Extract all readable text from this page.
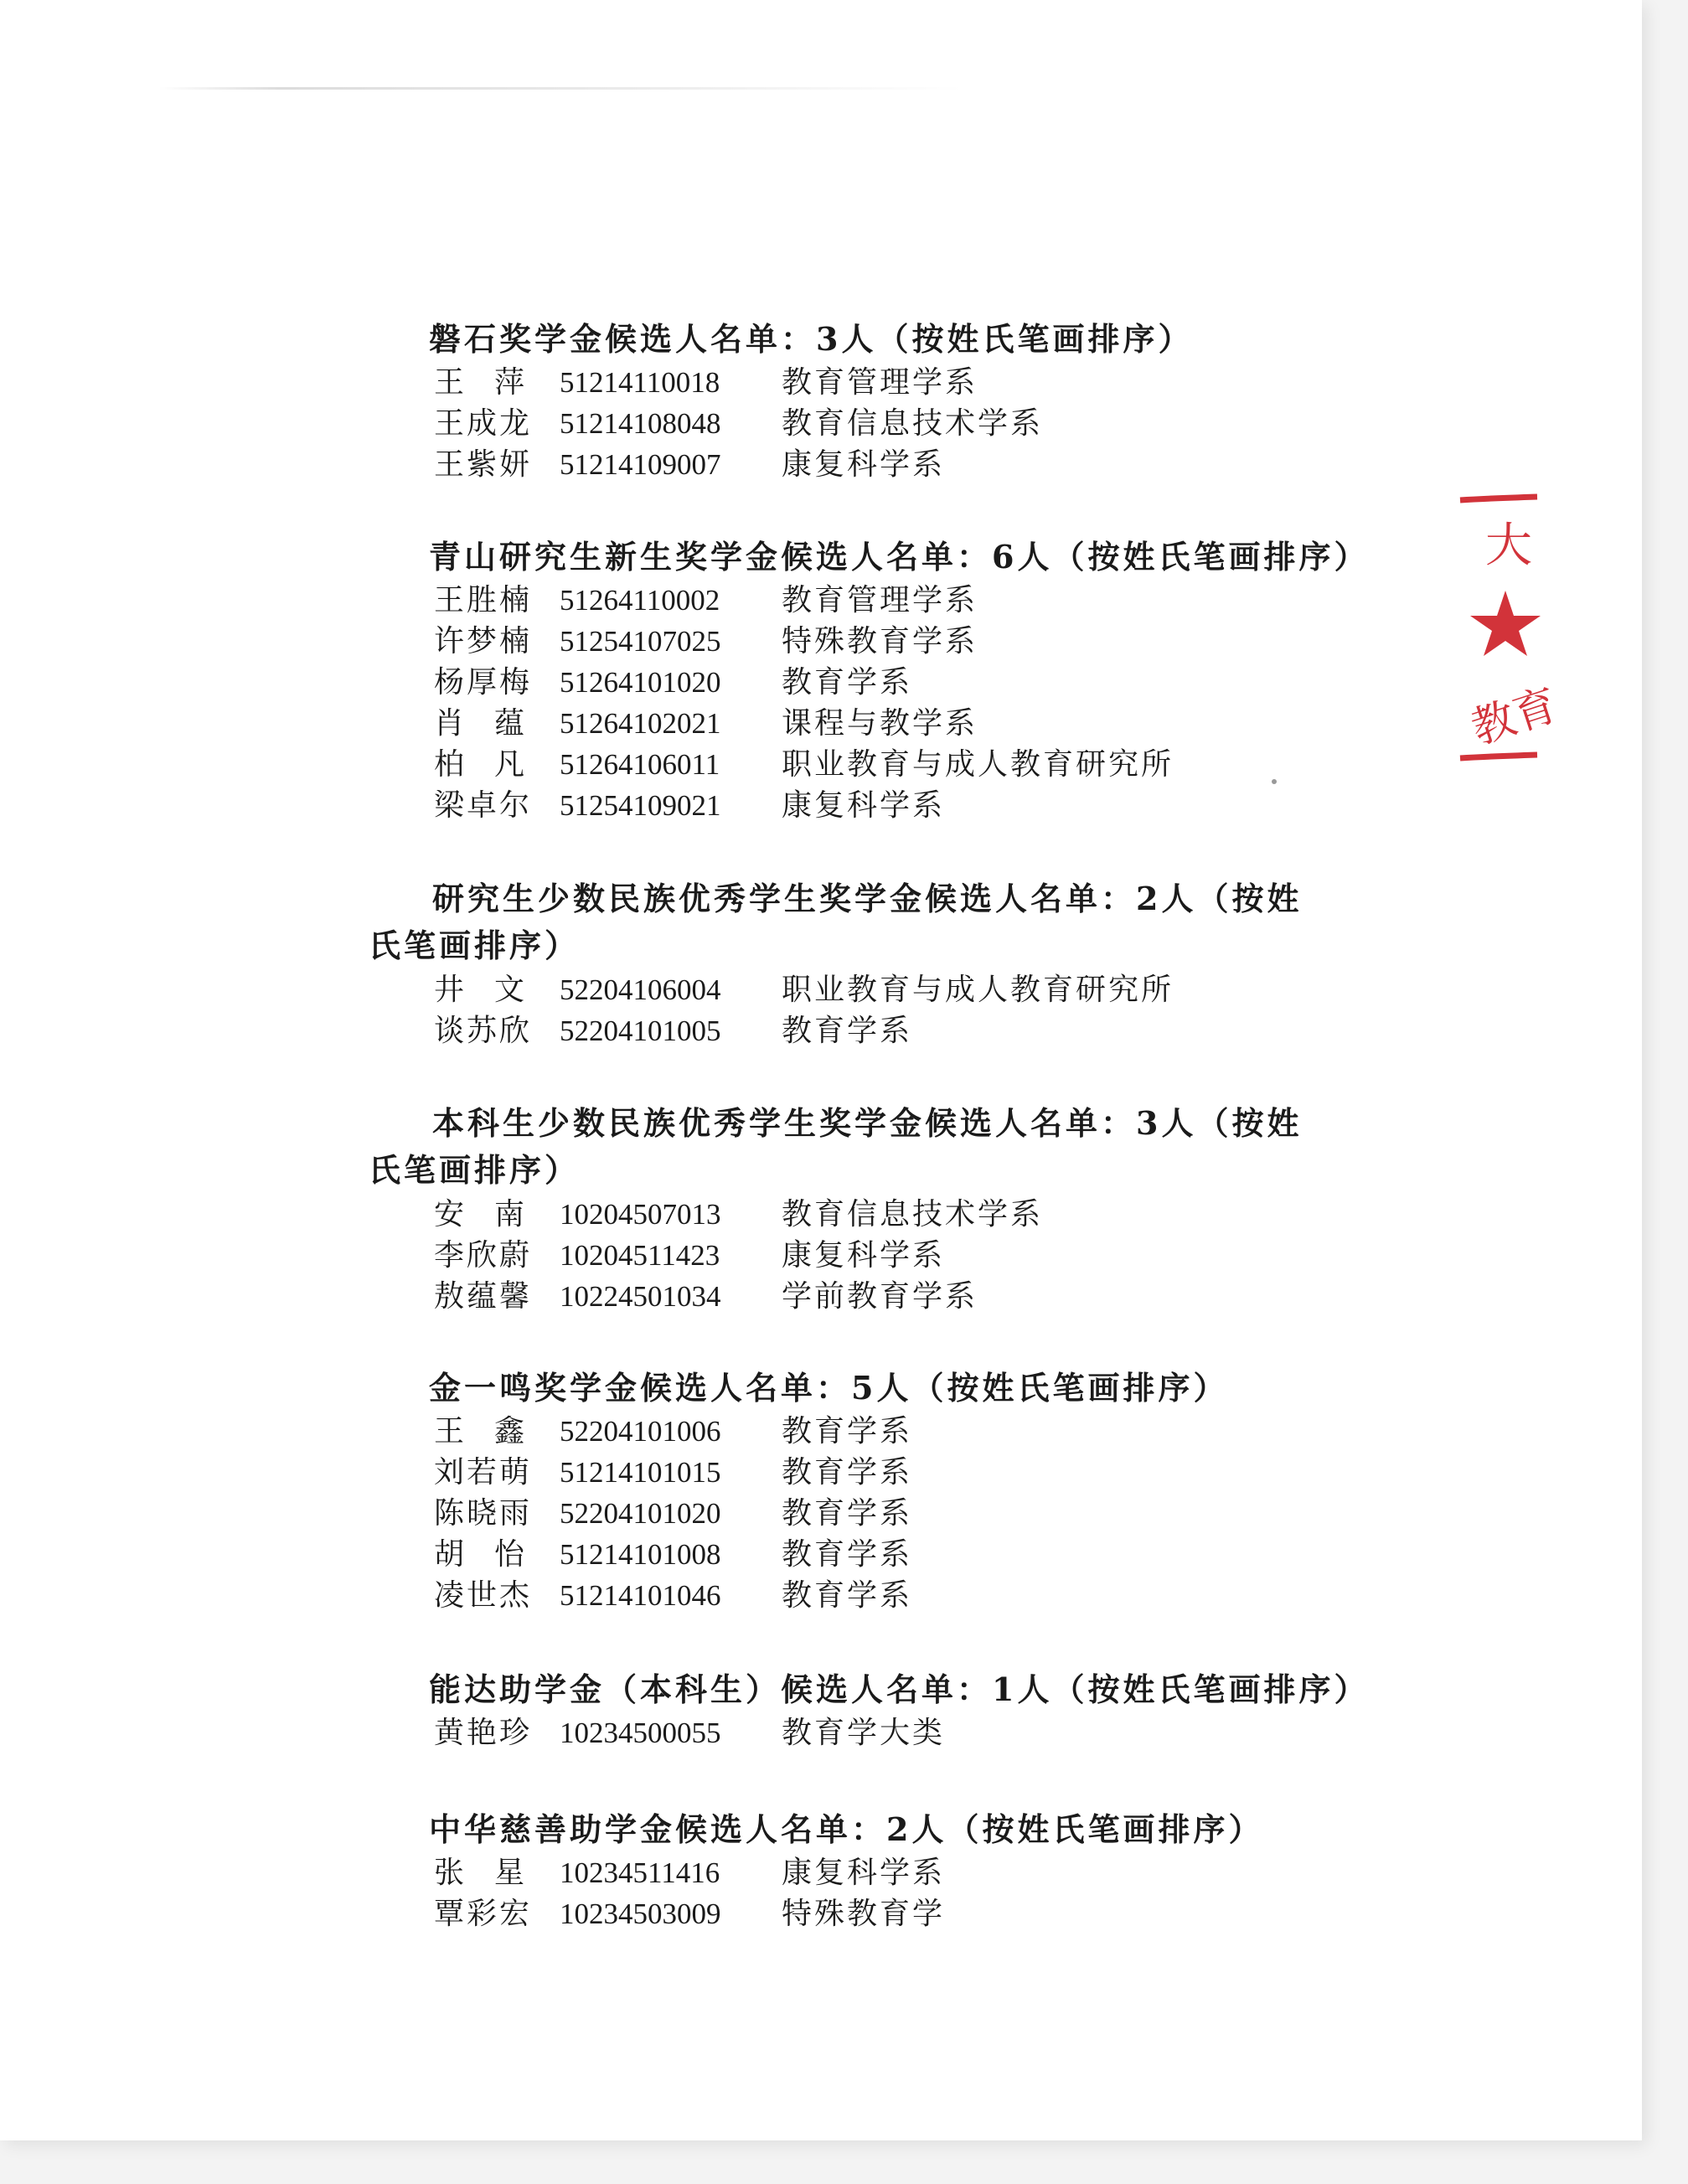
磐石奖学金候选人名单：3人（按姓氏笔画排序）
王 萍 51214110018 教育管理学系
王成龙 51214108048 教育信息技术学系
王紫妍 51214109007 康复科学系
青山研究生新生奖学金候选人名单：6人（按姓氏笔画排序）
王胜楠 51264110002 教育管理学系
许梦楠 51254107025 特殊教育学系
杨厚梅 51264101020 教育学系
肖 蕴 51264102021 课程与教学系
柏 凡 51264106011 职业教育与成人教育研究所
梁卓尔 51254109021 康复科学系
研究生少数民族优秀学生奖学金候选人名单：2人（按姓氏笔画排序）
井 文 52204106004 职业教育与成人教育研究所
谈苏欣 52204101005 教育学系
本科生少数民族优秀学生奖学金候选人名单：3人（按姓氏笔画排序）
安 南 10204507013 教育信息技术学系
李欣蔚 10204511423 康复科学系
敖蕴馨 10224501034 学前教育学系
金一鸣奖学金候选人名单：5人（按姓氏笔画排序）
王 鑫 52204101006 教育学系
刘若萌 51214101015 教育学系
陈晓雨 52204101020 教育学系
胡 怡 51214101008 教育学系
凌世杰 51214101046 教育学系
能达助学金（本科生）候选人名单：1人（按姓氏笔画排序）
黄艳珍 10234500055 教育学大类
中华慈善助学金候选人名单：2人（按姓氏笔画排序）
张 星 10234511416 康复科学系
覃彩宏 10234503009 特殊教育学
大
教育
